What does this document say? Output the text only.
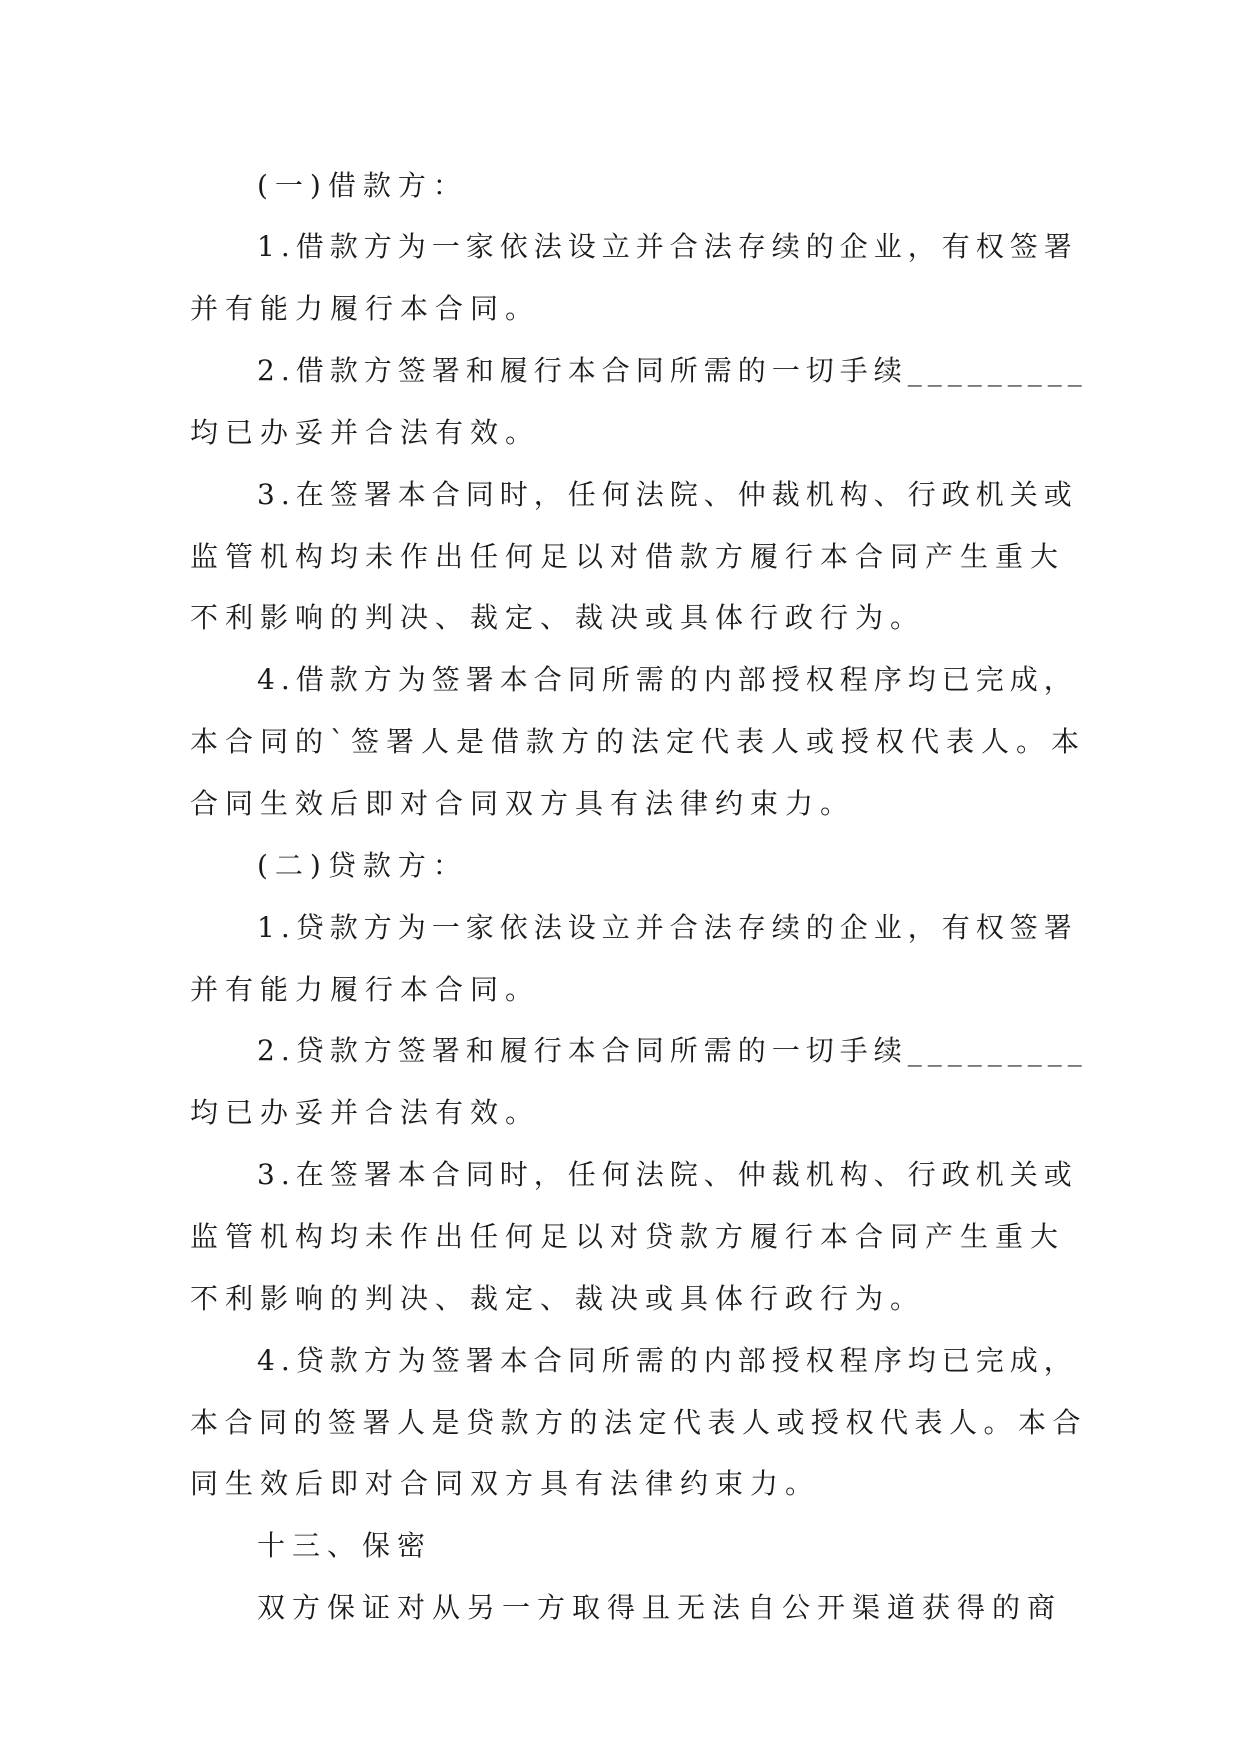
(一)借款方：
1.借款方为一家依法设立并合法存续的企业，有权签署
并有能力履行本合同。
2.借款方签署和履行本合同所需的一切手续_________
均已办妥并合法有效。
3.在签署本合同时，任何法院、仲裁机构、行政机关或
监管机构均未作出任何足以对借款方履行本合同产生重大
不利影响的判决、裁定、裁决或具体行政行为。
4.借款方为签署本合同所需的内部授权程序均已完成，
本合同的`签署人是借款方的法定代表人或授权代表人。本
合同生效后即对合同双方具有法律约束力。
(二)贷款方：
1.贷款方为一家依法设立并合法存续的企业，有权签署
并有能力履行本合同。
2.贷款方签署和履行本合同所需的一切手续_________
均已办妥并合法有效。
3.在签署本合同时，任何法院、仲裁机构、行政机关或
监管机构均未作出任何足以对贷款方履行本合同产生重大
不利影响的判决、裁定、裁决或具体行政行为。
4.贷款方为签署本合同所需的内部授权程序均已完成，
本合同的签署人是贷款方的法定代表人或授权代表人。本合
同生效后即对合同双方具有法律约束力。
十三、保密
双方保证对从另一方取得且无法自公开渠道获得的商
